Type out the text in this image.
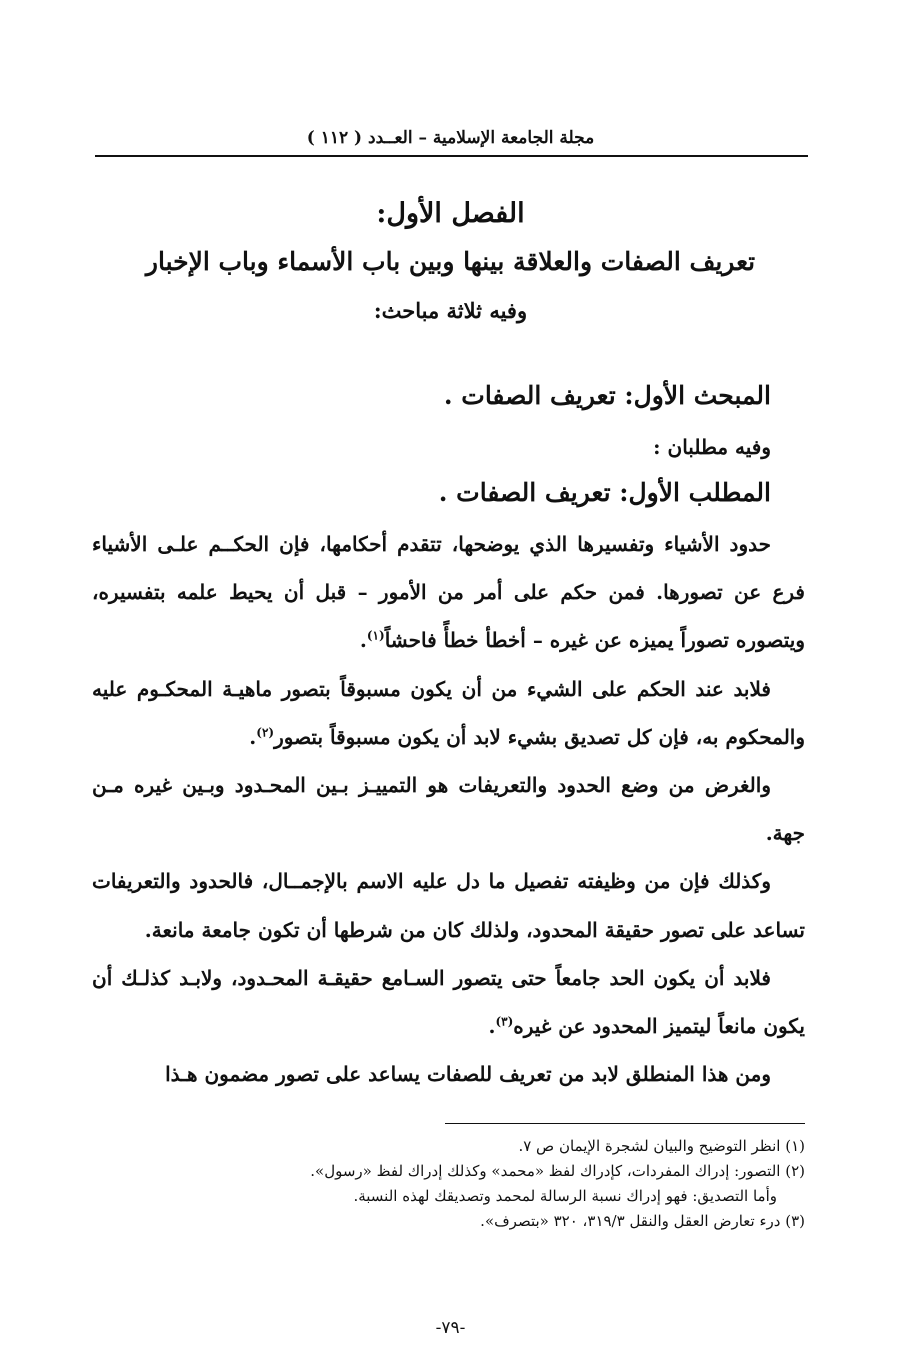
مجلة الجامعة الإسلامية – العــدد ( ١١٢ )
الفصل الأول:
تعريف الصفات والعلاقة بينها وبين باب الأسماء وباب الإخبار
وفيه ثلاثة مباحث:
المبحث الأول: تعريف الصفات .
وفيه مطلبان :
المطلب الأول: تعريف الصفات .

حدود الأشياء وتفسيرها الذي يوضحها، تتقدم أحكامها، فإن الحكــم علـى الأشياء فرع عن تصورها. فمن حكم على أمر من الأمور – قبل أن يحيط علمه بتفسيره، ويتصوره تصوراً يميزه عن غيره – أخطأ خطأً فاحشاً$^{(١)}$.

فلابد عند الحكم على الشيء من أن يكون مسبوقاً بتصور ماهيـة المحكـوم عليه والمحكوم به، فإن كل تصديق بشيء لابد أن يكون مسبوقاً بتصور$^{(٢)}$.

والغرض من وضع الحدود والتعريفات هو التمييـز بـين المحـدود وبـين غيره مـن جهة.

وكذلك فإن من وظيفته تفصيل ما دل عليه الاسم بالإجمــال، فالحدود والتعريفات تساعد على تصور حقيقة المحدود، ولذلك كان من شرطها أن تكون جامعة مانعة.

فلابد أن يكون الحد جامعاً حتى يتصور السـامع حقيقـة المحـدود، ولابـد كذلـك أن يكون مانعاً ليتميز المحدود عن غيره$^{(٣)}$.

ومن هذا المنطلق لابد من تعريف للصفات يساعد على تصور مضمون هـذا

(١) انظر التوضيح والبيان لشجرة الإيمان ص ٧.

(٢) التصور: إدراك المفردات، كإدراك لفظ «محمد» وكذلك إدراك لفظ «رسول».

وأما التصديق: فهو إدراك نسبة الرسالة لمحمد وتصديقك لهذه النسبة.

(٣) درء تعارض العقل والنقل ٣١٩/٣، ٣٢٠ «بتصرف».

-٧٩-
